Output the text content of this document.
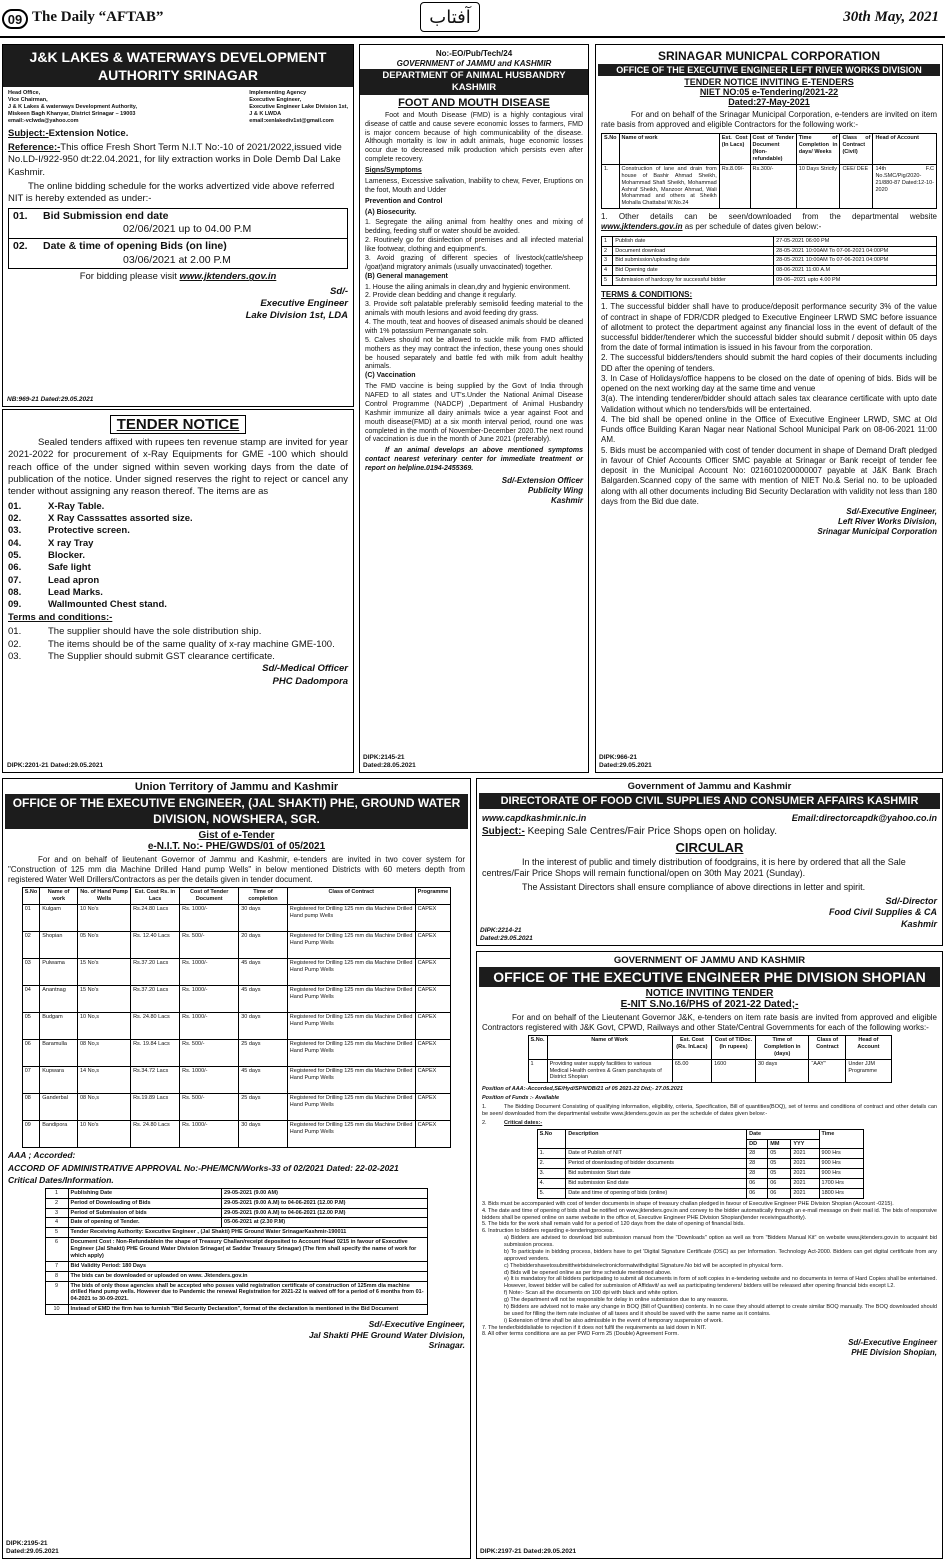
09 The Daily “AFTAB”	آفتاب	30th May, 2021
J&K LAKES & WATERWAYS DEVELOPMENT
AUTHORITY SRINAGAR
Head Office,
Vice Chairman,
J & K Lakes & waterways Development Authority,
Miskeen Bagh Khanyar, District Srinagar – 19003
email:-vclwda@yahoo.com
Implementing Agency
Executive Engineer,
Executive Engineer Lake Division 1st,
J & K LWDA
email:xenlakediv1st@gmail.com

Subject:-Extension Notice.

Reference:-This office Fresh Short Term N.I.T No:-10 of 2021/2022,issued vide No.LD-I/922-950 dt:22.04.2021, for lily extraction works in Dole Demb Dal Lake Kashmir.

The online bidding schedule for the works advertized vide above referred NIT is hereby extended as under:-

01. Bid Submission end date
02/06/2021 up to 04.00 P.M
02. Date & time of opening Bids (on line)
03/06/2021 at 2.00 P.M

For bidding please visit www.jktenders.gov.in

Sd/-
Executive Engineer
Lake Division 1st, LDA
NB:969-21 Dated:29.05.2021
TENDER NOTICE

Sealed tenders affixed with rupees ten revenue stamp are invited for year 2021-2022 for procurement of x-Ray Equipments for GME -100 which should reach office of the under signed within seven working days from the date of publication of the notice. Under signed reserves the right to reject or cancel any tender without assigning any reason thereof. The items are as

01.	X-Ray Table.
02.	X Ray Casssattes assorted size.
03.	Protective screen.
04.	X ray Tray
05.	Blocker.
06.	Safe light
07.	Lead apron
08.	Lead Marks.
09.	Wallmounted Chest stand.

Terms and conditions:-

01.	The supplier should have the sole distribution ship.
02.	The items should be of the same quality of x-ray machine GME-100.
03.	The Supplier should submit GST clearance certificate.
Sd/-Medical Officer
PHC Dadompora
DIPK:2201-21 Dated:29.05.2021
No:-EO/Pub/Tech/24
GOVERNMENT of JAMMU and KASHMIR
DEPARTMENT OF ANIMAL HUSBANDRY
KASHMIR
FOOT AND MOUTH DISEASE

Foot and Mouth Disease (FMD) is a highly contagious viral disease of cattle and cause severe economic losses to farmers, FMD is major concern because of high communicability of the disease. Although mortality is low in adult animals, huge economic losses occur due to decreased milk production which persists even after complete recovery.

Signs/Symptoms

Lameness, Excessive salivation, Inability to chew, Fever, Eruptions on the foot, Mouth and Udder

Prevention and Control

(A) Biosecurity.

1. Segregate the ailing animal from healthy ones and mixing of bedding, feeding stuff or water should be avoided.
2. Routinely go for disinfection of premises and all infected material like footwear, clothing and equipment's.
3. Avoid grazing of different species of livestock(cattle/sheep /goat)and migratory animals (usually unvaccinated) together.

(B) General management

1. House the ailing animals in clean,dry and hygienic environment.
2. Provide clean bedding and change it regularly.
3. Provide soft palatable preferably semisolid feeding material to the animals with mouth lesions and avoid feeding dry grass.
4. The mouth, teat and hooves of diseased animals should be cleaned with 1% potassium Permanganate soln.
5. Calves should not be allowed to suckle milk from FMD afflicted mothers as they may contract the infection, these young ones should be housed separately and battle fed with milk from adult healthy animals.

(C) Vaccination

The FMD vaccine is being supplied by the Govt of India through NAFED to all states and UT's.Under the National Animal Disease Control Programme (NADCP) ,Department of Animal Husbandry Kashmir immunize all dairy animals twice a year against Foot and mouth disease(FMD) at a six month interval period, round one was completed in the month of November-December 2020.The next round of vaccination is due in the month of June 2021 (preferably).

If an animal develops an above mentioned symptoms contact nearest veterinary center for immediate treatment or report on helpline.0194-2455369.

Sd/-Extension Officer
Publicity Wing
Kashmir
DIPK:2145-21
Dated:28.05.2021
SRINAGAR MUNICPAL CORPORATION
OFFICE OF THE EXECUTIVE ENGINEER LEFT RIVER WORKS DIVISION
TENDER NOTICE INVITING E-TENDERS
NIET NO:05 e-Tendering/2021-22
Dated:27-May-2021

For and on behalf of the Srinagar Municipal Corporation, e-tenders are invited on item rate basis from approved and eligible Contractors for the following work:-

S.No	Name of work	Est. Cost (In Lacs)	Cost of Tender Document (Non-refundable)	Time of Completion in days/ Weeks	Class of Contract (Civil)	Head of Account
1.	Construction of lane and drain from house of Bashir Ahmad Sheikh, Mohammad Shafi Sheikh, Mohammad Ashraf Sheikh, Manzoor Ahmad, Wali Mohammad and others at Sheikh Mohalla Chattabal W.No.24	Rs.8.09/-	Rs.300/-	10 Days Strictly	CEE/ DEE	14th F.C No.SMC/Pig/2020-21/880-87 Dated:12-10-2020

1. Other details can be seen/downloaded from the departmental website www.jktenders.gov.in as per schedule of dates given below:-

1	Publish date	27-05-2021 06:00 PM
2	Document download	28-05-2021 10:00AM To 07-06-2021 04:00PM
3	Bid submission/uploading date	28-05-2021 10:00AM To 07-06-2021 04:00PM
4	Bid Opening date	08-06-2021 11:00 A.M
5	Submission of hardcopy for successful bidder	09-06--2021 upto 4.00 PM

TERMS & CONDITIONS:

1. The successful bidder shall have to produce/deposit performance security 3% of the value of contract in shape of FDR/CDR pledged to Executive Engineer LRWD SMC before issuance of allotment to protect the department against any financial loss in the event of default of the successful bidder/tenderer which the successful bidder should submit / deposit within 05 days from the date of formal intimation is issued in his favour from the corporation.
2. The successful bidders/tenders should submit the hard copies of their documents including DD after the opening of tenders.
3. In Case of Holidays/office happens to be closed on the date of opening of bids. Bids will be opened on the next working day at the same time and venue
3(a). The intending tenderer/bidder should attach sales tax clearance certificate with upto date Validation without which no tenders/bids will be entertained.
4. The bid shall be opened online in the Office of Executive Engineer LRWD, SMC at Old Funds office Building Karan Nagar near National School Municipal Park on 08-06-2021 11:00 AM.
5. Bids must be accompanied with cost of tender document in shape of Demand Draft pledged in favour of Chief Accounts Officer SMC payable at Srinagar or Bank receipt of tender fee deposit in the Municipal Account No: 0216010200000007 payable at J&K Bank Brach Balgarden.Scanned copy of the same with mention of NIET No.& Serial no. to be uploaded along with all other documents including Bid Security Declaration with validity not less than 180 days from the Bid due date.
Sd/-Executive Engineer,
Left River Works Division,
Srinagar Municipal Corporation
DIPK:966-21
Dated:29.05.2021
Union Territory of Jammu and Kashmir
OFFICE OF THE EXECUTIVE ENGINEER, (JAL SHAKTI) PHE, GROUND WATER
DIVISION, NOWSHERA, SGR.
Gist of e-Tender
e-N.I.T. No:- PHE/GWDS/01 of 05/2021

For and on behalf of lieutenant Governor of Jammu and Kashmir, e-tenders are invited in two cover system for "Construction of 125 mm dia Machine Drilled Hand pump Wells" in below mentioned Districts with 60 meters depth from registered Water Well Drillers/Contractors as per the details given in tender document.

S.No	Name of work	No. of Hand Pump Wells	Est. Cost Rs. in Lacs	Cost of Tender Document	Time of completion	Class of Contract	Programme
01	Kulgam	10 No's	Rs.24.80 Lacs	Rs. 1000/-	30 days	Registered for Drilling 125 mm dia Machine Drilled Hand pump Wells	CAPEX
02	Shopian	05 No's	Rs. 12.40 Lacs	Rs. 500/-	20 days	Registered for Drilling 125 mm dia Machine Drilled Hand Pump Wells	CAPEX
03	Pulwama	15 No's	Rs.37.20 Lacs	Rs. 1000/-	45 days	Registered for Drilling 125 mm dia Machine Drilled Hand Pump Wells	CAPEX
04	Anantnag	15 No's	Rs.37.20 Lacs	Rs. 1000/-	45 days	Registered for Drilling 125 mm dia Machine Drilled Hand Pump Wells	CAPEX
05	Budgam	10 No,s	Rs. 24.80 Lacs	Rs. 1000/-	30 days	Registered for Drilling 125 mm dia Machine Drilled Hand Pump Wells	CAPEX
06	Baramulla	08 No,s	Rs. 19.84 Lacs	Rs. 500/-	25 days	Registered for Drilling 125 mm dia Machine Drilled Hand Pump Wells	CAPEX
07	Kupwara	14 No,s	Rs.34.72 Lacs	Rs. 1000/-	45 days	Registered for Drilling 125 mm dia Machine Drilled Hand Pump Wells	CAPEX
08	Ganderbal	08 No,s	Rs.19.89 Lacs	Rs. 500/-	25 days	Registered for Drilling 125 mm dia Machine Drilled Hand Pump Wells	CAPEX
09	Bandipora	10 No's	Rs. 24.80 Lacs	Rs. 1000/-	30 days	Registered for Drilling 125 mm dia Machine Drilled Hand Pump Wells	CAPEX

AAA ; Accorded:

ACCORD OF ADMINISTRATIVE APPROVAL No:-PHE/MCN/Works-33 of 02/2021 Dated: 22-02-2021

Critical Dates/Information.

1	Publishing Date	29-05-2021 (9.00 AM)
2	Period of Downloading of Bids	29-05-2021 (9.00 A.M) to 04-06-2021 (12.00 P.M)
3	Period of Submission of bids	29-05-2021 (9.00 A.M) to 04-06-2021 (12.00 P.M)
4	Date of opening of Tender.	05-06-2021 at (2.30 P.M)
5	Tender Receiving Authority: Executive Engineer , (Jal Shakti) PHE Ground Water SrinagarKashmir-190011	
6	Document Cost : Non-Refundablein the shape of Treasury Challan/receipt deposited to Account Head 0215 in favour of Executive Engineer (Jal Shakti) PHE Ground Water Division Srinagar( at Saddar Treasury Srinagar) (The firm shall specify the name of work for which apply)	
7	Bid Validity Period: 180 Days	
8	The bids can be downloaded or uploaded on www. Jktenders.gov.in	
9	The bids of only those agencies shall be accepted who posses valid registration certificate of construction of 125mm dia machine drilled Hand pump wells. However due to Pandemic the renewal Registration for 2021-22 is waived off for a period of 6 months from 01-04-2021 to 30-09-2021.	
10	Instead of EMD the firm has to furnish "Bid Security Declaration", format of the declaration is mentioned in the Bid Document	
Sd/-Executive Engineer,
Jal Shakti PHE Ground Water Division,
Srinagar.
DIPK:2195-21
Dated:29.05.2021
Government of Jammu and Kashmir
DIRECTORATE OF FOOD CIVIL SUPPLIES AND CONSUMER AFFAIRS KASHMIR
www.capdkashmir.nic.in	Email:directorcapdk@yahoo.co.in

Subject:- Keeping Sale Centres/Fair Price Shops open on holiday.

CIRCULAR

In the interest of public and timely distribution of foodgrains, it is here by ordered that all the Sale centres/Fair Price Shops will remain functional/open on 30th May 2021 (Sunday).

The Assistant Directors shall ensure compliance of above directions in letter and spirit.

Sd/-Director
Food Civil Supplies & CA
Kashmir
DIPK:2214-21
Dated:29.05.2021
GOVERNMENT OF JAMMU AND KASHMIR
OFFICE OF THE EXECUTIVE ENGINEER PHE DIVISION SHOPIAN
NOTICE INVITING TENDER
E-NIT S.No.16/PHS of 2021-22 Dated;-

For and on behalf of the Lieutenant Governor J&K, e-tenders on item rate basis are invited from approved and eligible Contractors registered with J&K Govt, CPWD, Railways and other State/Central Governments for each of the following works:-

S.No.	Name of Work	Est. Cost (Rs. InLacs)	Cost of T/Doc. (In rupees)	Time of Completion in (days)	Class of Contract	Head of Account
1	Providing water supply facilities to various Medical Health centres & Gram panchayats of District Shopian	65.00	1600	30 days	“AAY”	Under JJM Programme

Position of AAA:-Accorded,SE/Hyd/SPN/DB/21 of 05 2021-22 Dtd;- 27.05.2021

Position of Funds :- Available

1.	The Bidding Document Consisting of qualifying information, eligibility, criteria, Specification, Bill of quantities(BOQ), set of terms and conditions of contract and other details can be seen/ downloaded from the departmental website www.jktenders.gov.in as per the schedule of dates given below:-

2.	Critical dates:-

S.No	Description	Date			Time
		DD	MM	YYY	
1.	Date of Publish of NIT	28	05	2021	900 Hrs
2.	Period of downloading of bidder documents	28	05	2021	900 Hrs
3.	Bid submission Start date	28	05	2021	900 Hrs
4.	Bid submission End date	06	06	2021	1700 Hrs
5.	Date and time of opening of bids (online)	06	06	2021	1800 Hrs
3. Bids must be accompanied with cost of tender documents in shape of treasury challan pledged in favour of Executive Engineer PHE Division Shopian (Account -0215).
4. The date and time of opening of bids shall be notified on www.jktenders.gov.in and convey to the bidder automatically through an e-mail message on their mail id. The bids of responsive bidders shall be opened online on same website in the office of, Executive Engineer PHE Division Shopian(tender receivingauthority).
5. The bids for the work shall remain valid for a period of 120 days from the date of opening of financial bids.
6. Instruction to bidders regarding e-tenderingprocess.
a) Bidders are advised to download bid submission manual from the "Downloads" option as well as from "Bidders Manual Kit" on website www.jktenders.gov.in to acquaint bid submission process.
b) To participate in bidding process, bidders have to get 'Digital Signature Certificate (DSC) as per Information. Technology Act-2000. Bidders can get digital certificate from any approved venders.
c) Thebiddershavetosubmittheirbidsinelectronicformatwithdigital Signature.No bid will be accepted in physical form.
d) Bids will be opened online as per time schedule mentioned above.
e) It is mandatory for all bidders participating to submit all documents in form of soft copies in e-tendering website and no documents in terms of Hard Copies shall be entertained. However, lowest bidder will be called for submission of Affidavit/ as well as participating tenderers/ bidders will be released after opening financial bids except L2.
f) Note:- Scan all the documents on 100 dpi with black and white option.
g) The department will not be responsible for delay in online submission due to any reasons.
h) Bidders are advised not to make any change in BOQ (Bill of Quantities) contents. In no case they should attempt to create similar BOQ manually. The BOQ downloaded should be used for filling the item rate inclusive of all taxes and it should be saved with the same name as it contains.
i) Extension of time shall be also admissible in the event of temporary suspension of work.
7. The tender/biddisliable to rejection if it does not fulfil the requirements as laid down in NIT.
8. All other terms conditions are as per PWD Form 25 (Double) Agreement Form.
Sd/-Executive Engineer
PHE Division Shopian,
DIPK:2197-21 Dated:29.05.2021
